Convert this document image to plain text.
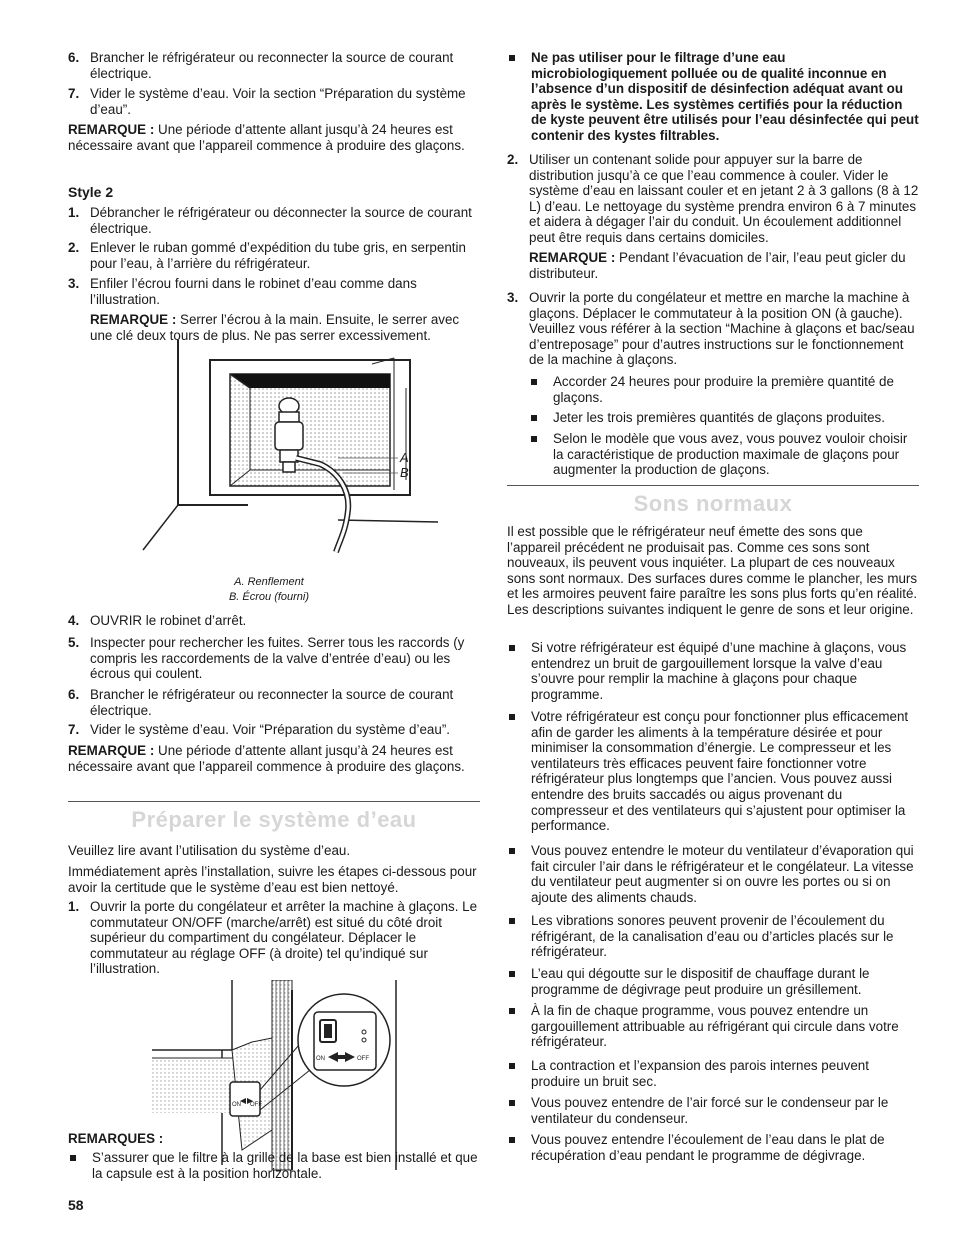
6. Brancher le réfrigérateur ou reconnecter la source de courant électrique.
7. Vider le système d’eau. Voir la section “Préparation du système d’eau”.
REMARQUE : Une période d’attente allant jusqu’à 24 heures est nécessaire avant que l’appareil commence à produire des glaçons.
Style 2
1. Débrancher le réfrigérateur ou déconnecter la source de courant électrique.
2. Enlever le ruban gommé d’expédition du tube gris, en serpentin pour l’eau, à l’arrière du réfrigérateur.
3. Enfiler l’écrou fourni dans le robinet d’eau comme dans l’illustration.
REMARQUE : Serrer l’écrou à la main. Ensuite, le serrer avec une clé deux tours de plus. Ne pas serrer excessivement.
A
B
A. Renflement
B. Écrou (fourni)
4. OUVRIR le robinet d’arrêt.
5. Inspecter pour rechercher les fuites. Serrer tous les raccords (y compris les raccordements de la valve d’entrée d’eau) ou les écrous qui coulent.
6. Brancher le réfrigérateur ou reconnecter la source de courant électrique.
7. Vider le système d’eau. Voir “Préparation du système d’eau”.
REMARQUE : Une période d’attente allant jusqu’à 24 heures est nécessaire avant que l’appareil commence à produire des glaçons.
Préparer le système d’eau
Veuillez lire avant l’utilisation du système d’eau.
Immédiatement après l’installation, suivre les étapes ci-dessous pour avoir la certitude que le système d’eau est bien nettoyé.
1. Ouvrir la porte du congélateur et arrêter la machine à glaçons. Le commutateur ON/OFF (marche/arrêt) est situé du côté droit supérieur du compartiment du congélateur. Déplacer le commutateur au réglage OFF (à droite) tel qu’indiqué sur l’illustration.
ON OFF
ON	OFF
REMARQUES :
S’assurer que le filtre à la grille de la base est bien installé et que la capsule est à la position horizontale.
Ne pas utiliser pour le filtrage d’une eau microbiologiquement polluée ou de qualité inconnue en l’absence d’un dispositif de désinfection adéquat avant ou après le système. Les systèmes certifiés pour la réduction de kyste peuvent être utilisés pour l’eau désinfectée qui peut contenir des kystes filtrables.
2. Utiliser un contenant solide pour appuyer sur la barre de distribution jusqu’à ce que l’eau commence à couler. Vider le système d’eau en laissant couler et en jetant 2 à 3 gallons (8 à 12 L) d’eau. Le nettoyage du système prendra environ 6 à 7 minutes et aidera à dégager l’air du conduit. Un écoulement additionnel peut être requis dans certains domiciles.
REMARQUE : Pendant l’évacuation de l’air, l’eau peut gicler du distributeur.
3. Ouvrir la porte du congélateur et mettre en marche la machine à glaçons. Déplacer le commutateur à la position ON (à gauche). Veuillez vous référer à la section “Machine à glaçons et bac/seau d’entreposage” pour d’autres instructions sur le fonctionnement de la machine à glaçons.
Accorder 24 heures pour produire la première quantité de glaçons.
Jeter les trois premières quantités de glaçons produites.
Selon le modèle que vous avez, vous pouvez vouloir choisir la caractéristique de production maximale de glaçons pour augmenter la production de glaçons.
Sons normaux
Il est possible que le réfrigérateur neuf émette des sons que l’appareil précédent ne produisait pas. Comme ces sons sont nouveaux, ils peuvent vous inquiéter. La plupart de ces nouveaux sons sont normaux. Des surfaces dures comme le plancher, les murs et les armoires peuvent faire paraître les sons plus forts qu’en réalité. Les descriptions suivantes indiquent le genre de sons et leur origine.
Si votre réfrigérateur est équipé d’une machine à glaçons, vous entendrez un bruit de gargouillement lorsque la valve d’eau s’ouvre pour remplir la machine à glaçons pour chaque programme.
Votre réfrigérateur est conçu pour fonctionner plus efficacement afin de garder les aliments à la température désirée et pour minimiser la consommation d’énergie. Le compresseur et les ventilateurs très efficaces peuvent faire fonctionner votre réfrigérateur plus longtemps que l’ancien. Vous pouvez aussi entendre des bruits saccadés ou aigus provenant du compresseur et des ventilateurs qui s’ajustent pour optimiser la performance.
Vous pouvez entendre le moteur du ventilateur d’évaporation qui fait circuler l’air dans le réfrigérateur et le congélateur. La vitesse du ventilateur peut augmenter si on ouvre les portes ou si on ajoute des aliments chauds.
Les vibrations sonores peuvent provenir de l’écoulement du réfrigérant, de la canalisation d’eau ou d’articles placés sur le réfrigérateur.
L’eau qui dégoutte sur le dispositif de chauffage durant le programme de dégivrage peut produire un grésillement.
À la fin de chaque programme, vous pouvez entendre un gargouillement attribuable au réfrigérant qui circule dans votre réfrigérateur.
La contraction et l’expansion des parois internes peuvent produire un bruit sec.
Vous pouvez entendre de l’air forcé sur le condenseur par le ventilateur du condenseur.
Vous pouvez entendre l’écoulement de l’eau dans le plat de récupération d’eau pendant le programme de dégivrage.
58
